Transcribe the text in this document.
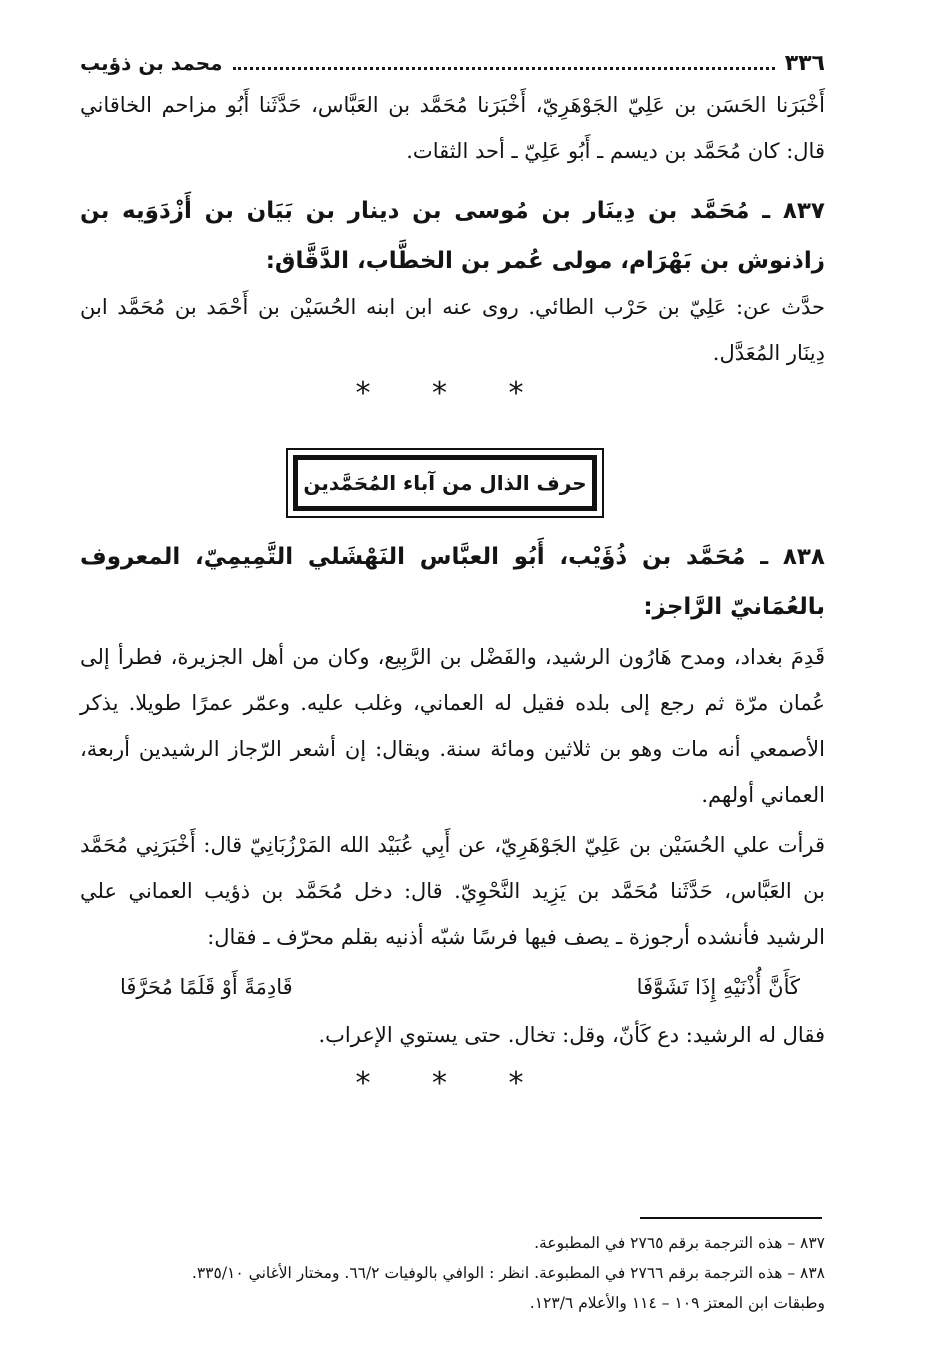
٣٣٦
محمد بن ذؤيب
أَخْبَرَنا الحَسَن بن عَلِيّ الجَوْهَرِيّ، أَخْبَرَنا مُحَمَّد بن العَبَّاس، حَدَّثَنا أَبُو مزاحم الخاقاني قال: كان مُحَمَّد بن ديسم ـ أَبُو عَلِيّ ـ أحد الثقات.
٨٣٧ ـ مُحَمَّد بن دِينَار بن مُوسى بن دينار بن بَيَان بن أَزْدَوَيه بن زاذنوش بن بَهْرَام، مولى عُمر بن الخطَّاب، الدَّقَّاق:
حدَّث عن: عَلِيّ بن حَرْب الطائي. روى عنه ابن ابنه الحُسَيْن بن أَحْمَد بن مُحَمَّد ابن دِينَار المُعَدَّل.
* * *
حرف الذال من آباء المُحَمَّدين
٨٣٨ ـ مُحَمَّد بن ذُؤَيْب، أَبُو العبَّاس النَهْشَلي التَّمِيمِيّ، المعروف بالعُمَانيّ الرَّاجز:
قَدِمَ بغداد، ومدح هَارُون الرشيد، والفَضْل بن الرَّبِيع، وكان من أهل الجزيرة، فطرأ إلى عُمان مرّة ثم رجع إلى بلده فقيل له العماني، وغلب عليه. وعمّر عمرًا طويلا. يذكر الأصمعي أنه مات وهو بن ثلاثين ومائة سنة. ويقال: إن أشعر الرّجاز الرشيدين أربعة، العماني أولهم.
قرأت علي الحُسَيْن بن عَلِيّ الجَوْهَرِيّ، عن أَبِي عُبَيْد الله المَرْزُبَانِيّ قال: أَخْبَرَنِي مُحَمَّد بن العَبَّاس، حَدَّثَنا مُحَمَّد بن يَزِيد النَّحْوِيّ. قال: دخل مُحَمَّد بن ذؤيب العماني علي الرشيد فأنشده أرجوزة ـ يصف فيها فرسًا شبّه أذنيه بقلم محرّف ـ فقال:
كَأَنَّ أُذْنَيْهِ إِذَا تَشَوَّفَا
قَادِمَةً أَوْ قَلَمًا مُحَرَّفَا
فقال له الرشيد: دع كَأنّ، وقل: تخال. حتى يستوي الإعراب.
* * *

٨٣٧ – هذه الترجمة برقم ٢٧٦٥ في المطبوعة.

٨٣٨ – هذه الترجمة برقم ٢٧٦٦ في المطبوعة. انظر : الوافي بالوفيات ٦٦/٢. ومختار الأغاني ٣٣٥/١٠.

وطبقات ابن المعتز ١٠٩ – ١١٤ والأعلام ١٢٣/٦.
